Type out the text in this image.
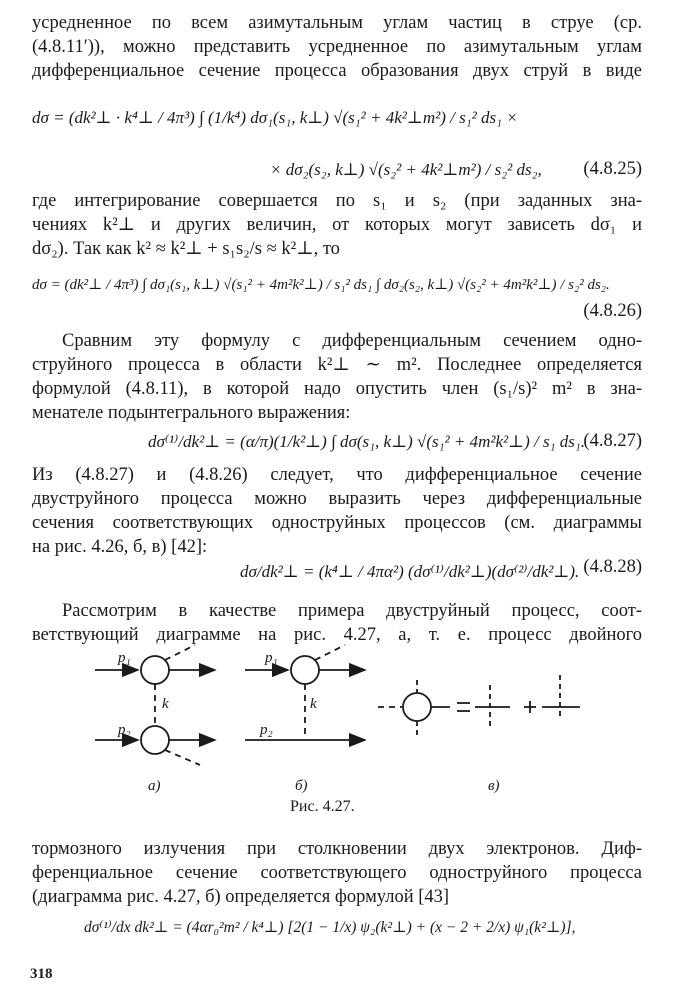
усредненное по всем азимутальным углам частиц в струе (ср.
(4.8.11′)), можно представить усредненное по азимутальным углам
дифференциальное сечение процесса образования двух струй в виде
dσ = (dk²⊥ · k⁴⊥ / 4π³) ∫ (1/k⁴) dσ₁(s₁, k⊥) √(s₁² + 4k²⊥m²) / s₁² ds₁ ×
× dσ₂(s₂, k⊥) √(s₂² + 4k²⊥m²) / s₂² ds₂, (4.8.25)
где интегрирование совершается по s₁ и s₂ (при заданных зна-
чениях k²⊥ и других величин, от которых могут зависеть dσ₁ и
dσ₂). Так как k² ≈ k²⊥ + s₁s₂/s ≈ k²⊥, то
dσ = (dk²⊥ / 4π³) ∫ dσ₁(s₁, k⊥) √(s₁² + 4m²k²⊥) / s₁² ds₁ ∫ dσ₂(s₂, k⊥) √(s₂² + 4m²k²⊥) / s₂² ds₂.
(4.8.26)
Сравним эту формулу с дифференциальным сечением одно-
струйного процесса в области k²⊥ ∼ m². Последнее определяется
формулой (4.8.11), в которой надо опустить член (s₁/s)² m² в зна-
менателе подынтегрального выражения:
dσ⁽¹⁾/dk²⊥ = (α/π)(1/k²⊥) ∫ dσ(s₁, k⊥) √(s₁² + 4m²k²⊥) / s₁ ds₁.
(4.8.27)
Из (4.8.27) и (4.8.26) следует, что дифференциальное сечение
двуструйного процесса можно выразить через дифференциальные
сечения соответствующих одноструйных процессов (см. диаграммы
на рис. 4.26, б, в) [42]:
dσ/dk²⊥ = (k⁴⊥ / 4πα²) (dσ⁽¹⁾/dk²⊥)(dσ⁽²⁾/dk²⊥). (4.8.28)
Рассмотрим в качестве примера двуструйный процесс, соот-
ветствующий диаграмме на рис. 4.27, а, т. е. процесс двойного
p₁
p₂
k
p₁
p₂
k
а)	б)	в)
Рис. 4.27.
тормозного излучения при столкновении двух электронов. Диф-
ференциальное сечение соответствующего одноструйного процесса
(диаграмма рис. 4.27, б) определяется формулой [43]
dσ⁽¹⁾/dx dk²⊥ = (4αr₀²m² / k⁴⊥) [2(1 − 1/x) ψ₂(k²⊥) + (x − 2 + 2/x) ψ₁(k²⊥)],
318
